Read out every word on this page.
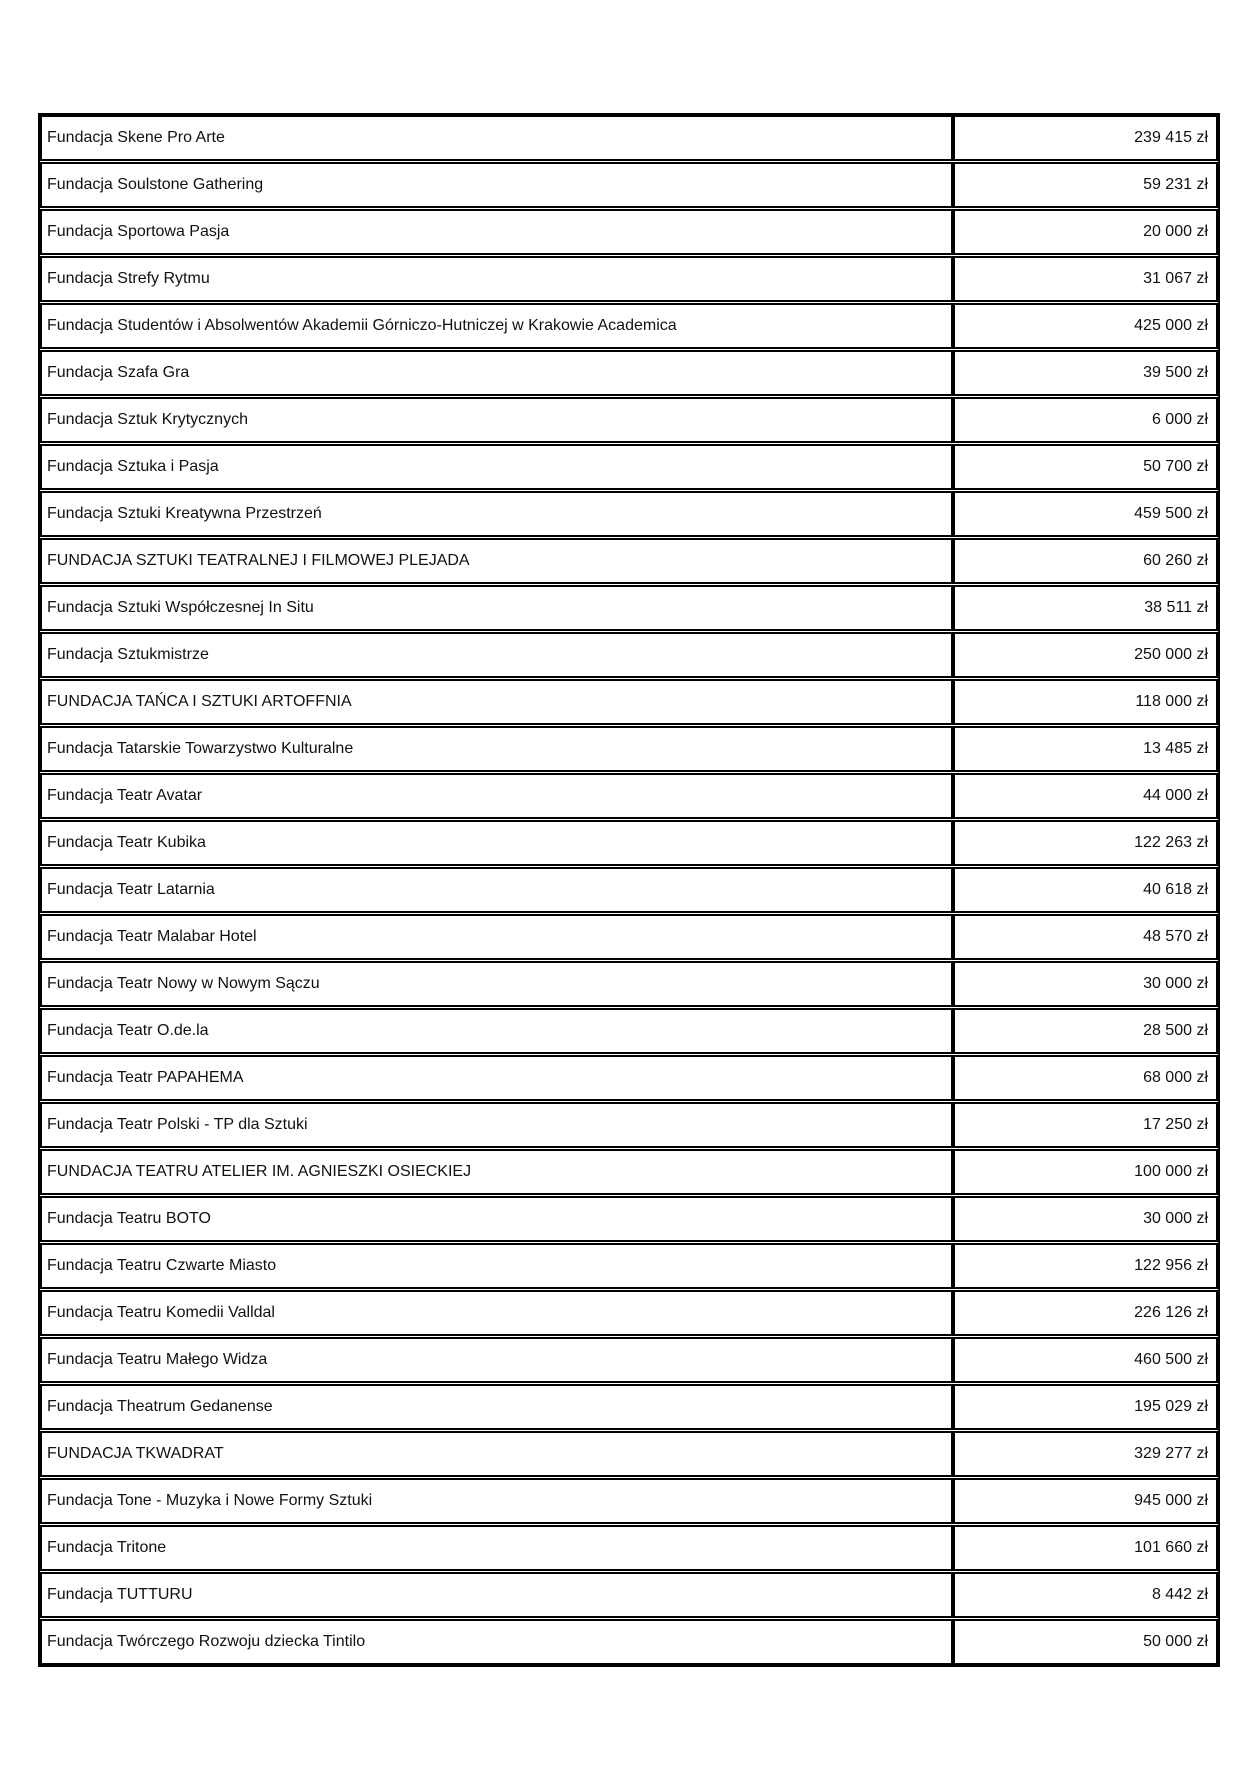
Fundacja Skene Pro Arte	239 415 zł
Fundacja Soulstone Gathering	59 231 zł
Fundacja Sportowa Pasja	20 000 zł
Fundacja Strefy Rytmu	31 067 zł
Fundacja Studentów i Absolwentów Akademii Górniczo-Hutniczej w Krakowie Academica	425 000 zł
Fundacja Szafa Gra	39 500 zł
Fundacja Sztuk Krytycznych	6 000 zł
Fundacja Sztuka i Pasja	50 700 zł
Fundacja Sztuki Kreatywna Przestrzeń	459 500 zł
FUNDACJA SZTUKI TEATRALNEJ I FILMOWEJ PLEJADA	60 260 zł
Fundacja Sztuki Współczesnej In Situ	38 511 zł
Fundacja Sztukmistrze	250 000 zł
FUNDACJA TAŃCA I SZTUKI ARTOFFNIA	118 000 zł
Fundacja Tatarskie Towarzystwo Kulturalne	13 485 zł
Fundacja Teatr Avatar	44 000 zł
Fundacja Teatr Kubika	122 263 zł
Fundacja Teatr Latarnia	40 618 zł
Fundacja Teatr Malabar Hotel	48 570 zł
Fundacja Teatr Nowy w Nowym Sączu	30 000 zł
Fundacja Teatr O.de.la	28 500 zł
Fundacja Teatr PAPAHEMA	68 000 zł
Fundacja Teatr Polski - TP dla Sztuki	17 250 zł
FUNDACJA TEATRU ATELIER IM. AGNIESZKI OSIECKIEJ	100 000 zł
Fundacja Teatru BOTO	30 000 zł
Fundacja Teatru Czwarte Miasto	122 956 zł
Fundacja Teatru Komedii Valldal	226 126 zł
Fundacja Teatru Małego Widza	460 500 zł
Fundacja Theatrum Gedanense	195 029 zł
FUNDACJA TKWADRAT	329 277 zł
Fundacja Tone - Muzyka i Nowe Formy Sztuki	945 000 zł
Fundacja Tritone	101 660 zł
Fundacja TUTTURU	8 442 zł
Fundacja Twórczego Rozwoju dziecka Tintilo	50 000 zł
